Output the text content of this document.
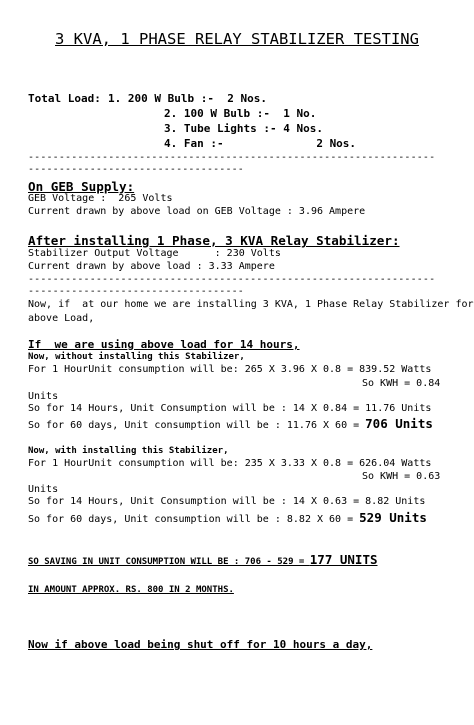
3 KVA, 1 PHASE RELAY STABILIZER TESTING
Total Load: 1. 200 W Bulb :-  2 Nos.
2. 100 W Bulb :-  1 No.
3. Tube Lights :- 4 Nos.
4. Fan :-              2 Nos.
------------------------------------------------------------------
-----------------------------------
On GEB Supply:
GEB Voltage :  265 Volts
Current drawn by above load on GEB Voltage : 3.96 Ampere
After installing 1 Phase, 3 KVA Relay Stabilizer:
Stabilizer Output Voltage      : 230 Volts
Current drawn by above load : 3.33 Ampere
------------------------------------------------------------------
-----------------------------------
Now, if  at our home we are installing 3 KVA, 1 Phase Relay Stabilizer for
above Load,
If  we are using above load for 14 hours,
Now, without installing this Stabilizer,
For 1 HourUnit consumption will be: 265 X 3.96 X 0.8 = 839.52 Watts
So KWH = 0.84
Units
So for 14 Hours, Unit Consumption will be : 14 X 0.84 = 11.76 Units
So for 60 days, Unit consumption will be : 11.76 X 60 = 706 Units
Now, with installing this Stabilizer,
For 1 HourUnit consumption will be: 235 X 3.33 X 0.8 = 626.04 Watts
So KWH = 0.63
Units
So for 14 Hours, Unit Consumption will be : 14 X 0.63 = 8.82 Units
So for 60 days, Unit consumption will be : 8.82 X 60 = 529 Units
SO SAVING IN UNIT CONSUMPTION WILL BE : 706 - 529 = 177 UNITS
IN AMOUNT APPROX. RS. 800 IN 2 MONTHS.
Now if above load being shut off for 10 hours a day,
